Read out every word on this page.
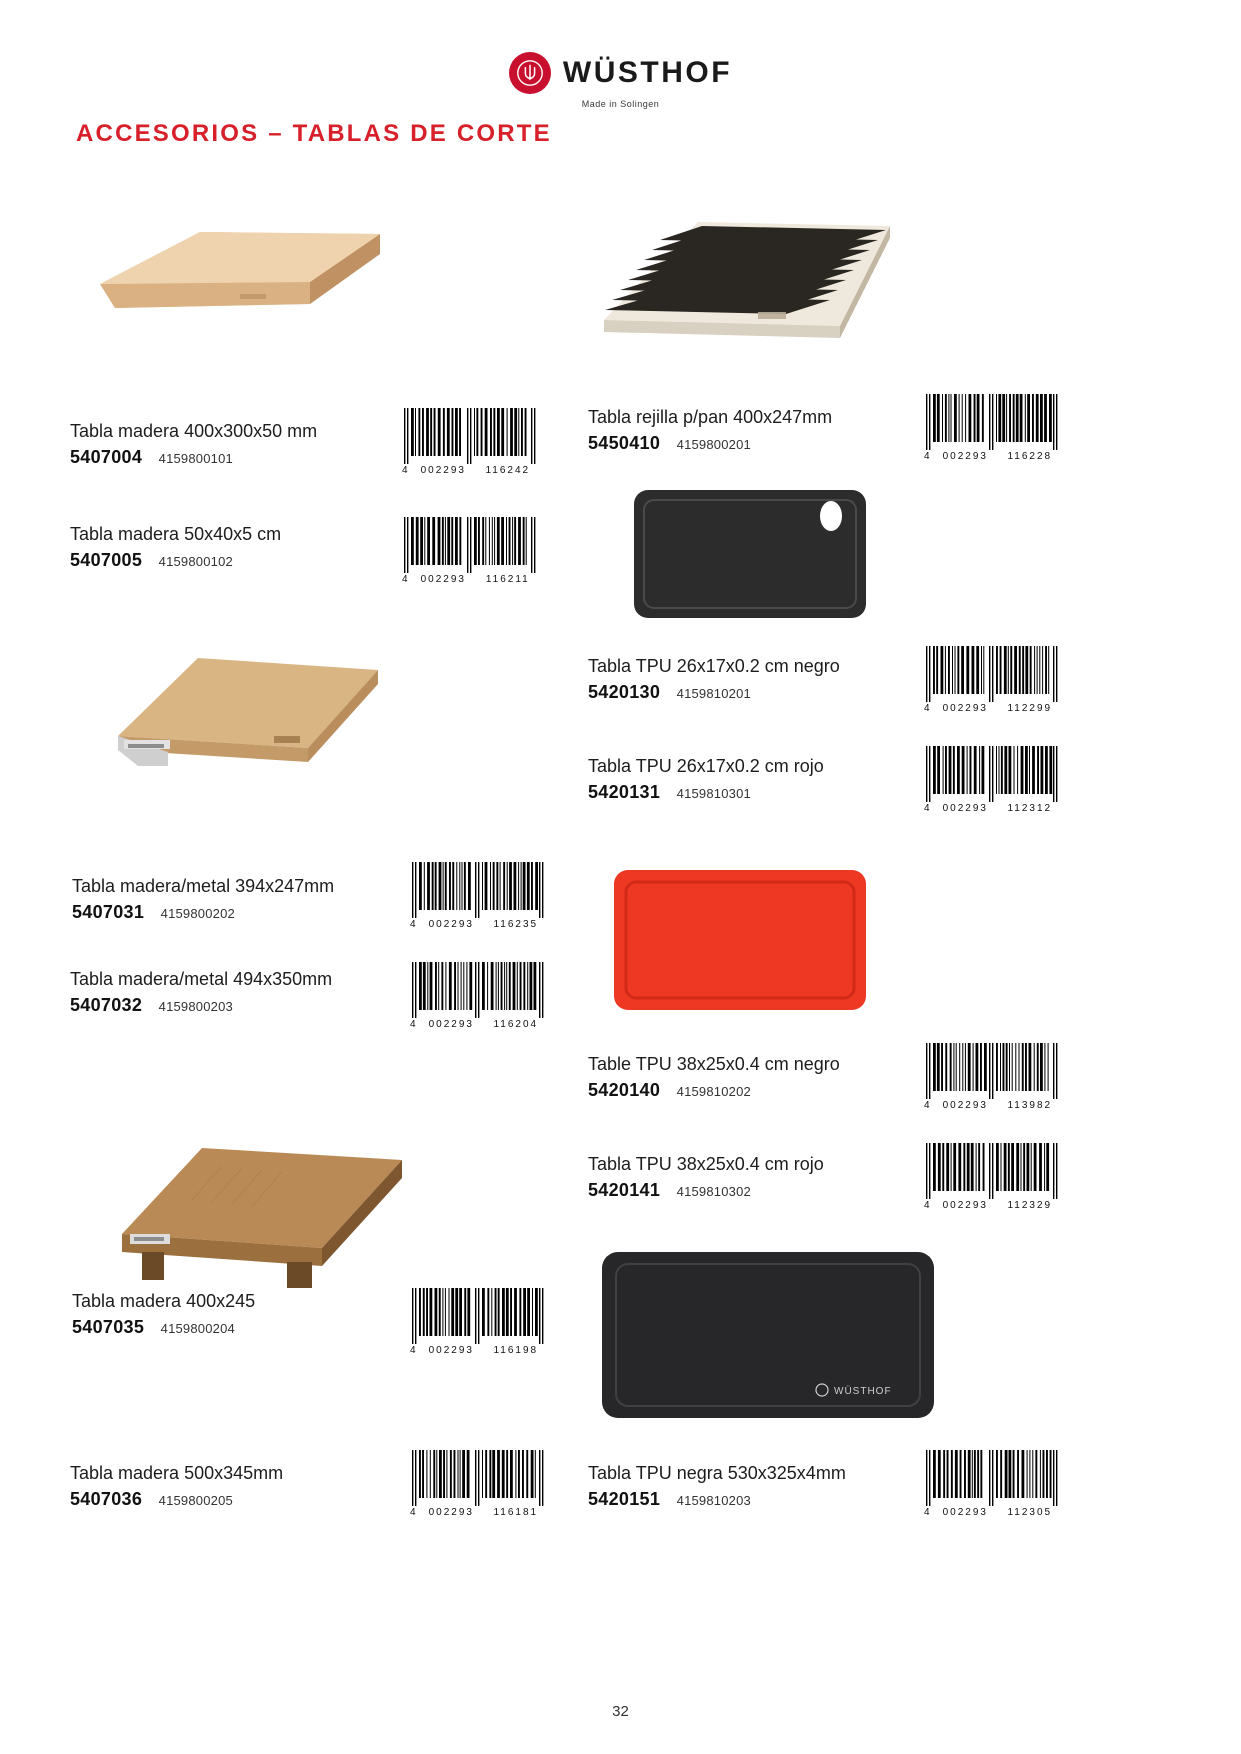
WÜSTHOF
Made in Solingen
ACCESORIOS – TABLAS DE CORTE
WÜSTHOF
Tabla madera 400x300x50 mm
5407004 4159800101
Tabla madera 50x40x5 cm
5407005 4159800102
Tabla madera/metal 394x247mm
5407031 4159800202
Tabla madera/metal 494x350mm
5407032 4159800203
Tabla madera 400x245
5407035 4159800204
Tabla madera 500x345mm
5407036 4159800205
Tabla rejilla p/pan 400x247mm
5450410 4159800201
Tabla TPU 26x17x0.2 cm negro
5420130 4159810201
Tabla TPU 26x17x0.2 cm rojo
5420131 4159810301
Table TPU 38x25x0.4 cm negro
5420140 4159810202
Tabla TPU 38x25x0.4 cm rojo
5420141 4159810302
Tabla TPU negra 530x325x4mm
5420151 4159810203
4	002293	116242
4	002293	116211
4	002293	116235
4	002293	116204
4	002293	116198
4	002293	116181
4	002293	116228
4	002293	112299
4	002293	112312
4	002293	113982
4	002293	112329
4	002293	112305
32
